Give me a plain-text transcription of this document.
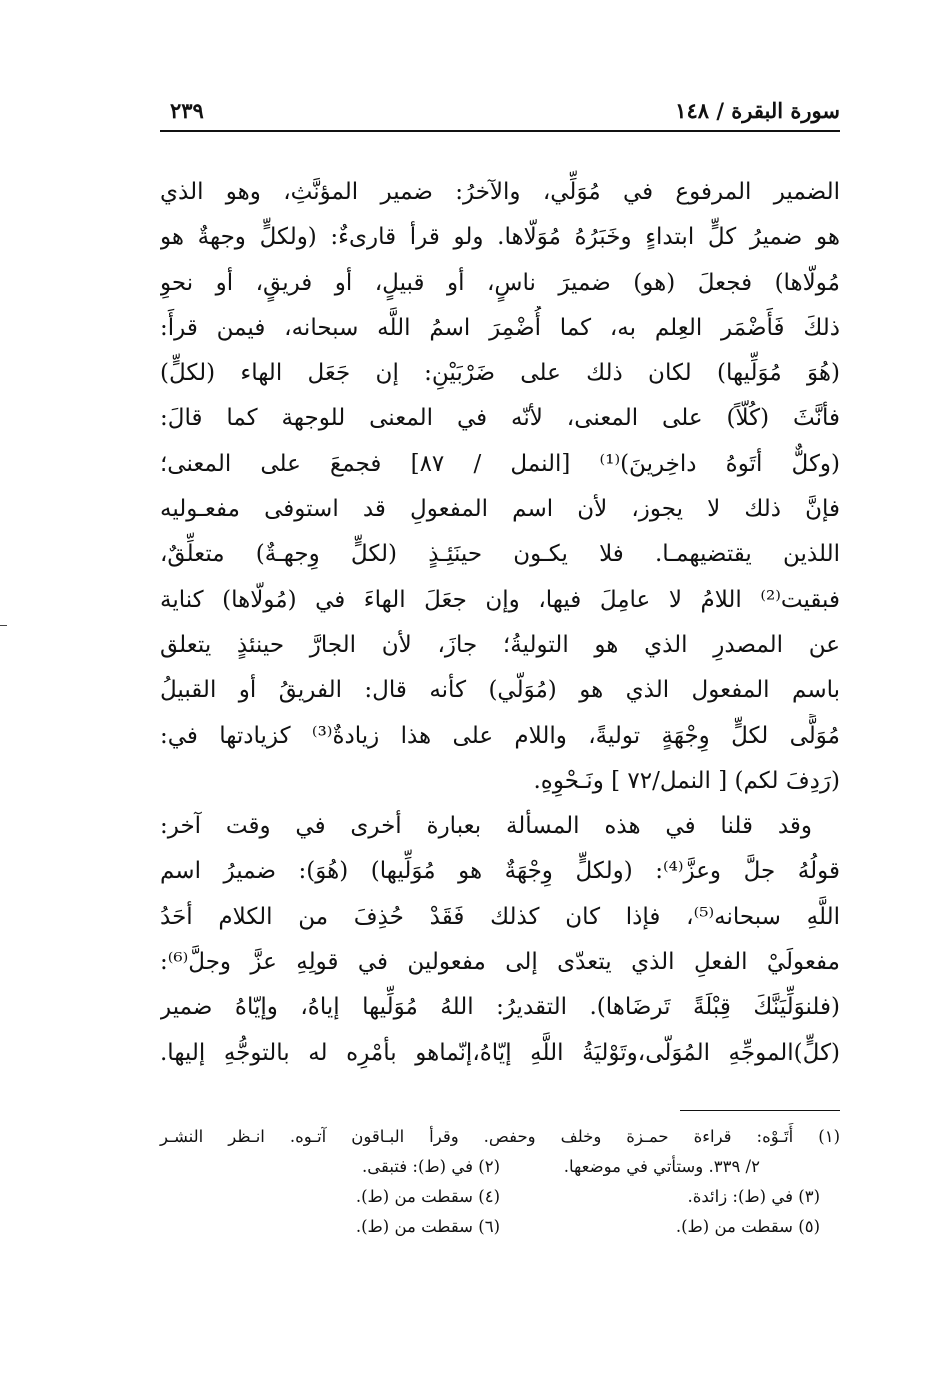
سورة البقرة / ١٤٨
٢٣٩
الضمير المرفوع في مُوَلِّي، والآخرُ: ضمير المؤنَّثِ، وهو الذي
هو ضميرُ كلٍّ ابتداءٍ وخَبَرُهُ مُوَلّاها. ولو قرأ قارىءٌ: (ولكلٍّ وجهةٌ هو
مُولّاها) فجعلَ (هو) ضميرَ ناسٍ، أو قبيلٍ، أو فريقٍ، أو نحوِ
ذلكَ فَأَضْمَر العِلم به، كما أُضْمِرَ اسمُ اللَّه سبحانه، فيمن قرأَ:
(هُوَ مُوَلِّيها) لكان ذلك على ضَرْبَيْنِ: إن جَعَل الهاء (لكلٍّ)
فأنَّثَ (كُلّاً) على المعنى، لأنّه في المعنى للوجهة كما قالَ:
(وكلٌّ أتَوهُ داخِرينَ)⁽¹⁾ [النمل / ٨٧] فجمعَ على المعنى؛
فإنَّ ذلك لا يجوز، لأن اسم المفعولِ قد استوفى مفعـوليه
اللذين يقتضيهمـا. فلا يكـون حينَئِـذٍ (لكلٍّ وِجهـةٌ) متعلِّقٌ،
فبقيت⁽²⁾ اللامُ لا عامِلَ فيها، وإن جعَلَ الهاءَ في (مُولّاها) كناية
عن المصدرِ الذي هو التوليةُ؛ جازَ، لأن الجارَّ حينئذٍ يتعلق
باسم المفعول الذي هو (مُوَلّي) كأنه قال: الفريقُ أو القبيلُ
مُوَلًّى لكلٍّ وِجْهَةٍ توليةً، واللام على هذا زيادةٌ⁽³⁾ كزيادتها في:
(رَدِفَ لكم) [ النمل/٧٢ ] ونَـحْوِهِ.
وقد قلنا في هذه المسألة بعبارة أخرى في وقت آخر:
قولُهُ جلَّ وعزَّ⁽⁴⁾: (ولكلٍّ وِجْهَةٌ هو مُوَلِّيها) (هُوَ): ضميرُ اسم
اللَّهِ سبحانه⁽⁵⁾، فإذا كان كذلك فَقَدْ حُذِفَ من الكلام أحَدُ
مفعولَيْ الفعلِ الذي يتعدّى إلى مفعولين في قولِهِ عزَّ وجلَّ⁽⁶⁾:
(فلنوَلِّيَنَّكَ قِبْلَةً تَرضَاها). التقديرُ: اللهُ مُوَلِّيها إياهُ، وإيّاهُ ضمير
(كلٍّ)الموجِّهِ المُوَلّى،وتَوْليَةُ اللَّهِ إيّاهُ،إنّماهو بأمْرِه له بالتوجُّهِ إليها.
(١) أَتَـوْه: قراءة حمـزة وخلف وحفص. وقرأ البـاقون آتـوه. انـظر النشـر
٢/ ٣٣٩. وستأتي في موضعها.
(٢) في (ط): فتبقى.
(٣) في (ط): زائدة.
(٤) سقطت من (ط).
(٥) سقطت من (ط).
(٦) سقطت من (ط).
